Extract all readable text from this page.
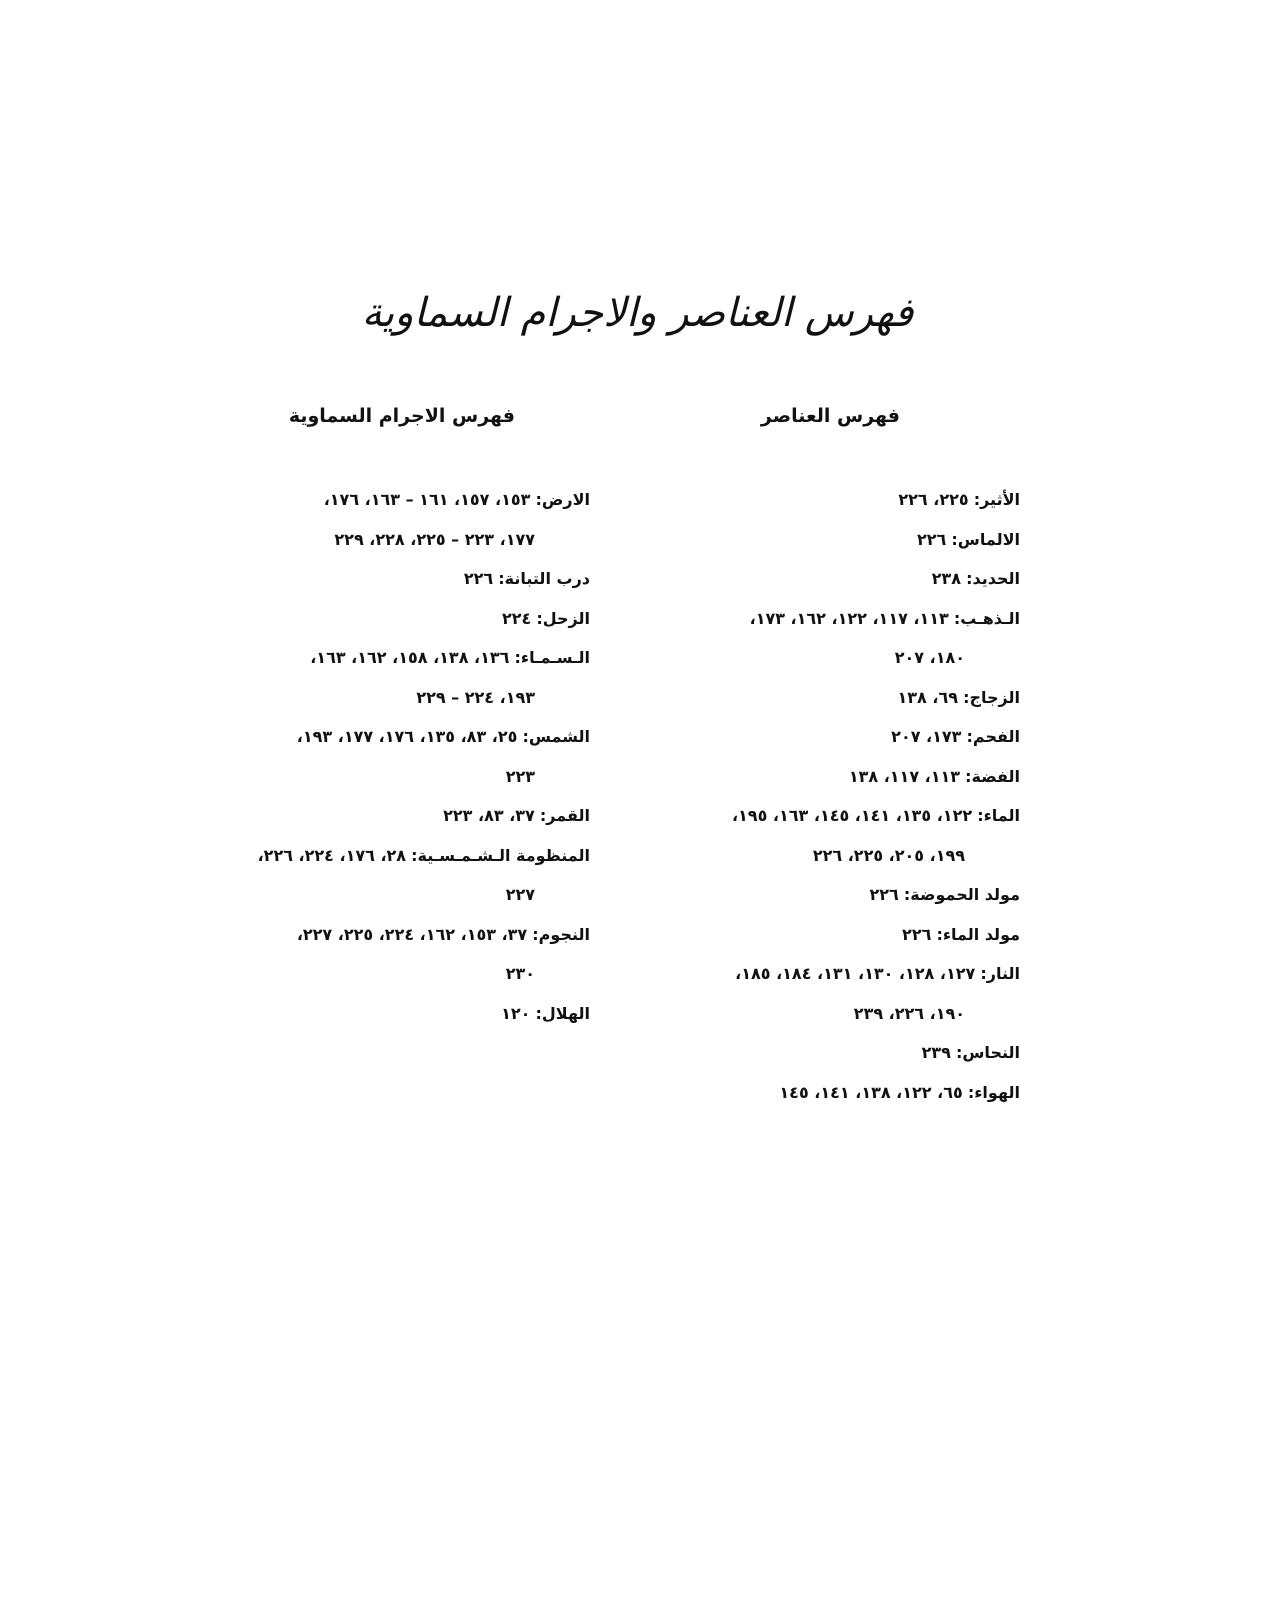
فهرس العناصر والاجرام السماوية
فهرس العناصر

الأثير: ٢٢٥، ٢٢٦

الالماس: ٢٢٦

الحديد: ٢٣٨

الـذهـب: ١١٣، ١١٧، ١٢٢، ١٦٢، ١٧٣،
١٨٠، ٢٠٧

الزجاج: ٦٩، ١٣٨

الفحم: ١٧٣، ٢٠٧

الفضة: ١١٣، ١١٧، ١٣٨

الماء: ١٢٢، ١٣٥، ١٤١، ١٤٥، ١٦٣، ١٩٥،
١٩٩، ٢٠٥، ٢٢٥، ٢٢٦

مولد الحموضة: ٢٢٦

مولد الماء: ٢٢٦

النار: ١٢٧، ١٢٨، ١٣٠، ١٣١، ١٨٤، ١٨٥،
١٩٠، ٢٢٦، ٢٣٩

النحاس: ٢٣٩

الهواء: ٦٥، ١٢٢، ١٣٨، ١٤١، ١٤٥

فهرس الاجرام السماوية

الارض: ١٥٣، ١٥٧، ١٦١ – ١٦٣، ١٧٦،
١٧٧، ٢٢٣ – ٢٢٥، ٢٢٨، ٢٢٩

درب التبانة: ٢٢٦

الزحل: ٢٢٤

الـسـمـاء: ١٣٦، ١٣٨، ١٥٨، ١٦٢، ١٦٣،
١٩٣، ٢٢٤ – ٢٢٩

الشمس: ٢٥، ٨٣، ١٣٥، ١٧٦، ١٧٧، ١٩٣،
٢٢٣

القمر: ٣٧، ٨٣، ٢٢٣

المنظومة الـشـمـسـية: ٢٨، ١٧٦، ٢٢٤، ٢٢٦،
٢٢٧

النجوم: ٣٧، ١٥٣، ١٦٢، ٢٢٤، ٢٢٥، ٢٢٧،
٢٣٠

الهلال: ١٢٠
